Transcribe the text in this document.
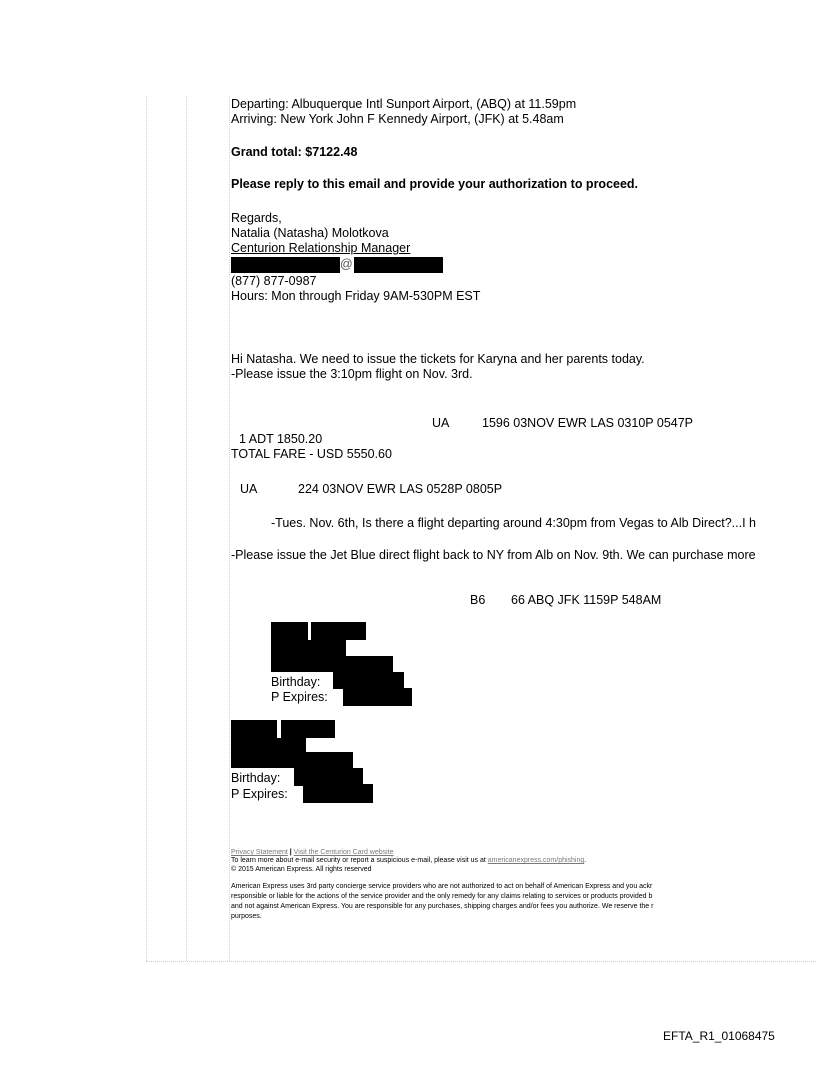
Departing: Albuquerque Intl Sunport Airport, (ABQ) at 11.59pm
Arriving: New York John F Kennedy Airport, (JFK) at 5.48am
Grand total: $7122.48
Please reply to this email and provide your authorization to proceed.
Regards,
Natalia (Natasha) Molotkova
Centurion Relationship Manager
@
(877) 877-0987
Hours: Mon through Friday 9AM-530PM EST
Hi Natasha. We need to issue the tickets for Karyna and her parents today.
-Please issue the 3:10pm flight on Nov. 3rd.
UA	1596 03NOV EWR LAS 0310P 0547P
1 ADT 1850.20
TOTAL FARE - USD 5550.60
UA	224 03NOV EWR LAS 0528P 0805P
-Tues. Nov. 6th, Is there a flight departing around 4:30pm from Vegas to Alb Direct?...I h
-Please issue the Jet Blue direct flight back to NY from Alb on Nov. 9th. We can purchase more
B6 66 ABQ JFK 1159P 548AM
Birthday:
P Expires:
Birthday:
P Expires:
Privacy Statement | Visit the Centurion Card website
To learn more about e-mail security or report a suspicious e-mail, please visit us at americanexpress.com/phishing.
© 2015 American Express. All rights reserved
American Express uses 3rd party concierge service providers who are not authorized to act on behalf of American Express and you ackr
responsible or liable for the actions of the service provider and the only remedy for any claims relating to services or products provided b
and not against American Express. You are responsible for any purchases, shipping charges and/or fees you authorize. We reserve the r
purposes.
EFTA_R1_01068475
